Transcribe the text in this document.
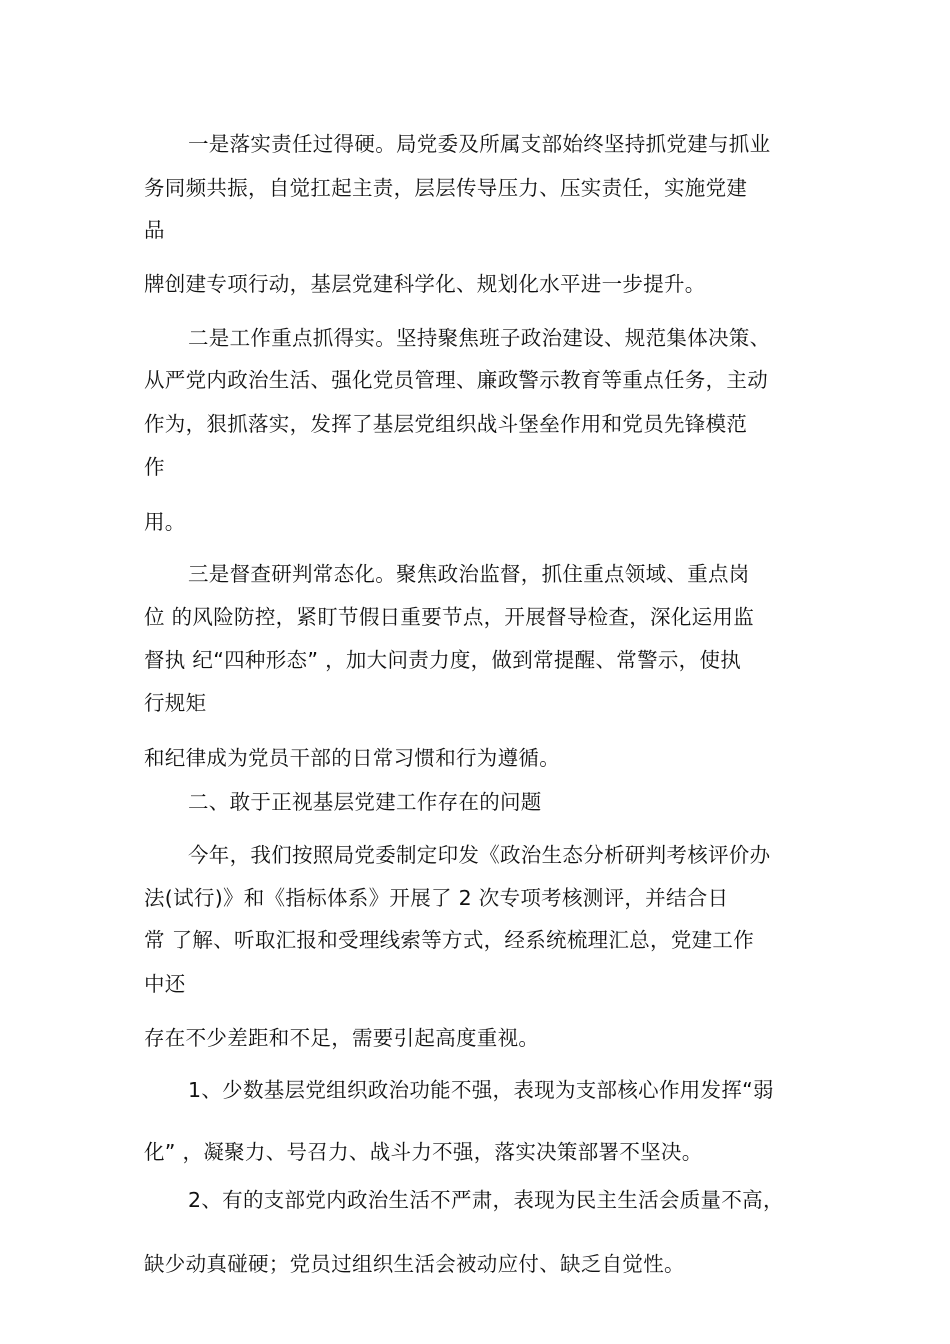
一是落实责任过得硬。局党委及所属支部始终坚持抓党建与抓业
务同频共振，自觉扛起主责，层层传导压力、压实责任，实施党建
品
牌创建专项行动，基层党建科学化、规划化水平进一步提升。
二是工作重点抓得实。坚持聚焦班子政治建设、规范集体决策、
从严党内政治生活、强化党员管理、廉政警示教育等重点任务，主动
作为，狠抓落实，发挥了基层党组织战斗堡垒作用和党员先锋模范
作
用。
三是督查研判常态化。聚焦政治监督，抓住重点领域、重点岗
位 的风险防控，紧盯节假日重要节点，开展督导检查，深化运用监
督执 纪“四种形态” ，加大问责力度，做到常提醒、常警示，使执
行规矩
和纪律成为党员干部的日常习惯和行为遵循。
二、敢于正视基层党建工作存在的问题
今年，我们按照局党委制定印发《政治生态分析研判考核评价办
法(试行)》和《指标体系》开展了 2 次专项考核测评，并结合日
常 了解、听取汇报和受理线索等方式，经系统梳理汇总，党建工作
中还
存在不少差距和不足，需要引起高度重视。
1、少数基层党组织政治功能不强，表现为支部核心作用发挥“弱
化” ，凝聚力、号召力、战斗力不强，落实决策部署不坚决。
2、有的支部党内政治生活不严肃，表现为民主生活会质量不高，
缺少动真碰硬；党员过组织生活会被动应付、缺乏自觉性。
